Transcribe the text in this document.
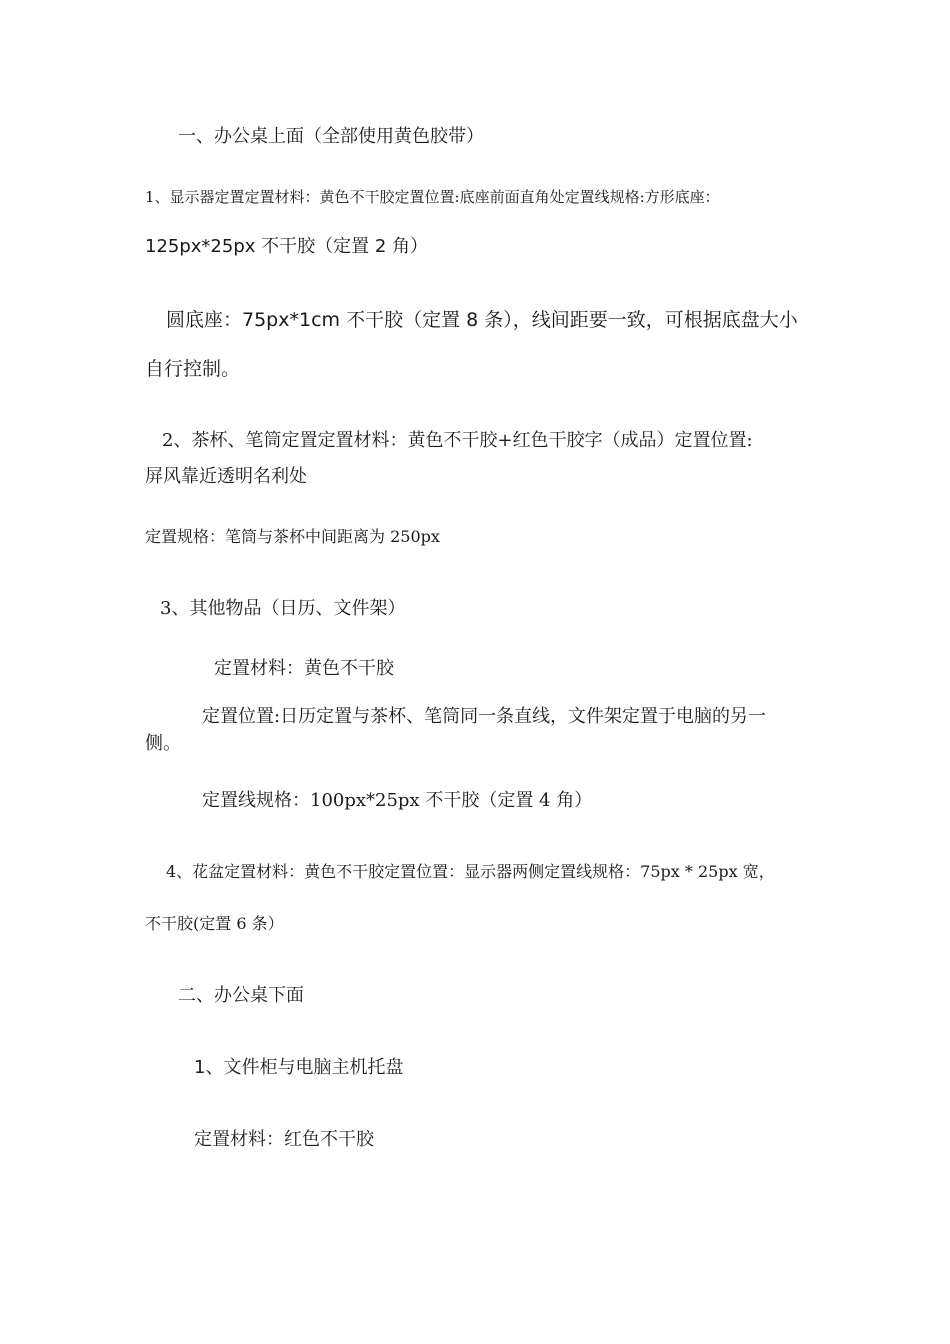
一、办公桌上面（全部使用黄色胶带）
1、显示器定置定置材料：黄色不干胶定置位置:底座前面直角处定置线规格:方形底座：
125px*25px 不干胶（定置 2 角）
圆底座：75px*1cm 不干胶（定置 8 条），线间距要一致，可根据底盘大小
自行控制。
2、茶杯、笔筒定置定置材料：黄色不干胶+红色干胶字（成品）定置位置:
屏风靠近透明名利处
定置规格：笔筒与茶杯中间距离为 250px
3、其他物品（日历、文件架）
定置材料：黄色不干胶
定置位置:日历定置与茶杯、笔筒同一条直线，文件架定置于电脑的另一
侧。
定置线规格：100px*25px 不干胶（定置 4 角）
4、花盆定置材料：黄色不干胶定置位置：显示器两侧定置线规格：75px * 25px 宽，
不干胶(定置 6 条）
二、办公桌下面
1、文件柜与电脑主机托盘
定置材料：红色不干胶
